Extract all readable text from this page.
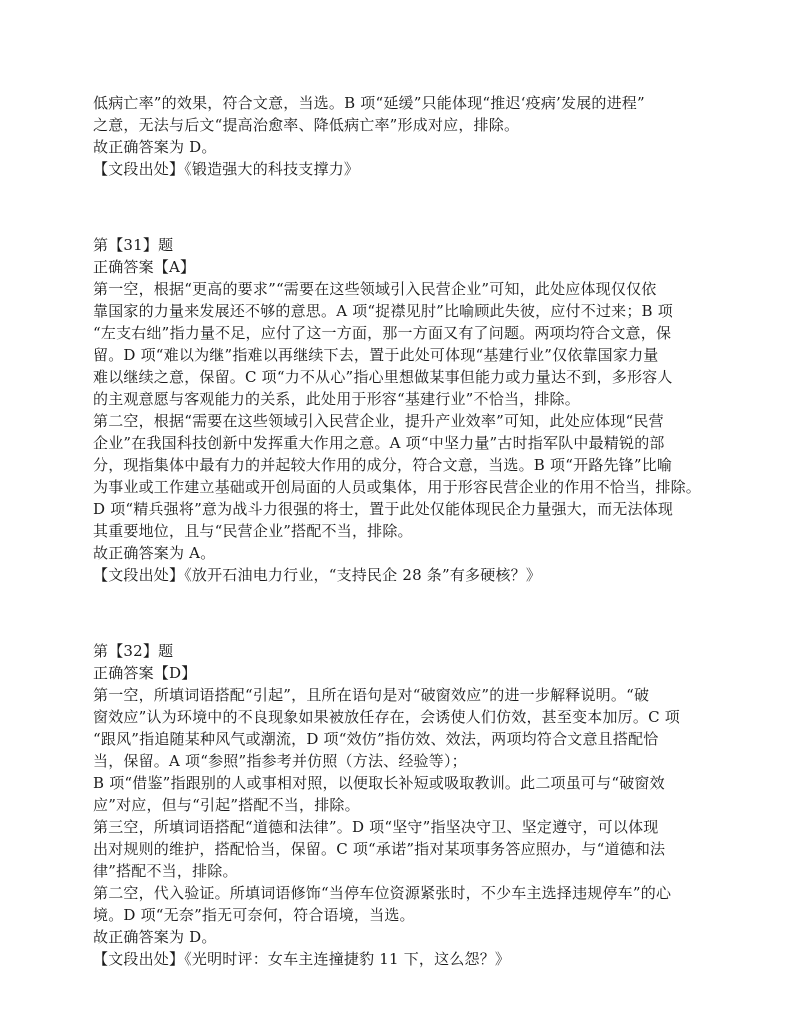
低病亡率”的效果，符合文意，当选。B 项“延缓”只能体现“推迟‘疫病’发展的进程”
之意，无法与后文“提高治愈率、降低病亡率”形成对应，排除。
故正确答案为 D。
【文段出处】《锻造强大的科技支撑力》
第【31】题
正确答案【A】
第一空，根据“更高的要求”“需要在这些领域引入民营企业”可知，此处应体现仅仅依
靠国家的力量来发展还不够的意思。A 项“捉襟见肘”比喻顾此失彼，应付不过来；B 项
“左支右绌”指力量不足，应付了这一方面，那一方面又有了问题。两项均符合文意，保
留。D 项“难以为继”指难以再继续下去，置于此处可体现“基建行业”仅依靠国家力量
难以继续之意，保留。C 项“力不从心”指心里想做某事但能力或力量达不到，多形容人
的主观意愿与客观能力的关系，此处用于形容“基建行业”不恰当，排除。
第二空，根据“需要在这些领域引入民营企业，提升产业效率”可知，此处应体现“民营
企业”在我国科技创新中发挥重大作用之意。A 项“中坚力量”古时指军队中最精锐的部
分，现指集体中最有力的并起较大作用的成分，符合文意，当选。B 项“开路先锋”比喻
为事业或工作建立基础或开创局面的人员或集体，用于形容民营企业的作用不恰当，排除。
D 项“精兵强将”意为战斗力很强的将士，置于此处仅能体现民企力量强大，而无法体现
其重要地位，且与“民营企业”搭配不当，排除。
故正确答案为 A。
【文段出处】《放开石油电力行业，“支持民企 28 条”有多硬核？》
第【32】题
正确答案【D】
第一空，所填词语搭配“引起”，且所在语句是对“破窗效应”的进一步解释说明。“破
窗效应”认为环境中的不良现象如果被放任存在，会诱使人们仿效，甚至变本加厉。C 项
“跟风”指追随某种风气或潮流，D 项“效仿”指仿效、效法，两项均符合文意且搭配恰
当，保留。A 项“参照”指参考并仿照（方法、经验等）；
B 项“借鉴”指跟别的人或事相对照，以便取长补短或吸取教训。此二项虽可与“破窗效
应”对应，但与“引起”搭配不当，排除。
第三空，所填词语搭配“道德和法律”。D 项“坚守”指坚决守卫、坚定遵守，可以体现
出对规则的维护，搭配恰当，保留。C 项“承诺”指对某项事务答应照办，与“道德和法
律”搭配不当，排除。
第二空，代入验证。所填词语修饰“当停车位资源紧张时，不少车主选择违规停车”的心
境。D 项“无奈”指无可奈何，符合语境，当选。
故正确答案为 D。
【文段出处】《光明时评：女车主连撞捷豹 11 下，这么怨？》
